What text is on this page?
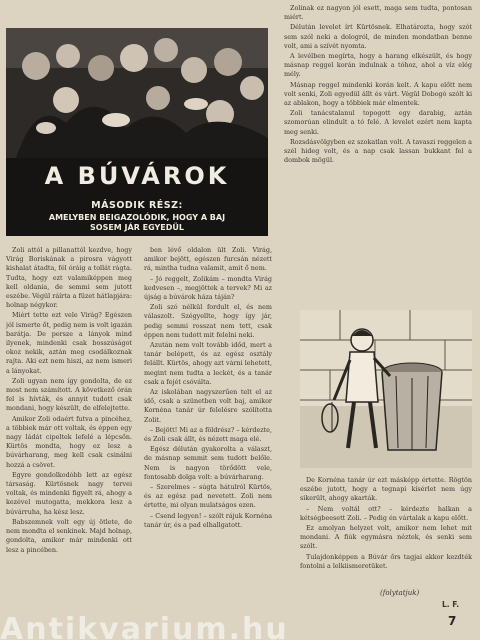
A BÚVÁROK
MÁSODIK RÉSZ:
AMELYBEN BEIGAZOLÓDIK, HOGY A BAJ
SOSEM JÁR EGYEDÜL

Zoli attól a pillanattól kezdve, hogy Virág Boriskának a pirosra vágyott kishalat átadta, fél óráig a tollát rágta. Tudta, hogy ezt valamiképpen meg kell oldania, de semmi sem jutott eszébe. Végül ráírta a füzet hátlapjára: holnap négykor.

Miért tette ezt vele Virág? Egészen jól ismerte őt, pedig nem is volt igazán barátja. De persze a lányok mind ilyenek, mindenki csak bosszúságot okoz nekik, aztán meg csodálkoznak rajta. Aki ezt nem hiszi, az nem ismeri a lányokat.

Zoli ugyan nem így gondolta, de ez most nem számított. A következő órán fel is hívták, és annyit tudott csak mondani, hogy készült, de elfelejtette.

Amikor Zoli odaért futva a pincéhez, a többiek már ott voltak, és éppen egy nagy ládát cipeltek lefelé a lépcsőn. Kürtös mondta, hogy ez lesz a búvárharang, meg kell csak csinálni hozzá a csövet.

Egyre gondolkodóbb lett az egész társaság. Kürtösnek nagy tervei voltak, és mindenki figyelt rá, ahogy a kezével mutogatta, mekkora lesz a búvárruha, ha kész lesz.

Babszemnek volt egy új ötlete, de nem mondta el senkinek. Majd holnap, gondolta, amikor már mindenki ott lesz a pincében.

ben lévő oldalon ült Zoli. Virág, amikor bejött, egészen furcsán nézett rá, mintha tudna valamit, amit ő nem.

– Jó reggelt, Zolikám – mondta Virág kedvesen –, megjöttek a tervek? Mi az újság a búvárok háza táján?

Zoli szó nélkül fordult el, és nem válaszolt. Szégyellte, hogy így jár, pedig semmi rosszat nem tett, csak éppen nem tudott mit felelni neki.

Azután nem volt tovább időd, mert a tanár belépett, és az egész osztály felállt. Kürtös, ahogy azt várni lehetett, megint nem tudta a leckét, és a tanár csak a fejét csóválta.

Az iskolában nagyszerűen telt el az idő, csak a szünetben volt baj, amikor Kornéna tanár úr felelésre szólította Zolit.

– Bejött! Mi az a földrész? – kérdezte, és Zoli csak állt, és nézett maga elé.

Egész délután gyakorolta a választ, de másnap semmit sem tudott belőle. Nem is nagyon törődött vele, fontosabb dolga volt: a búvárharang.

– Szerelmes – súgta hátulról Kürtös, és az egész pad nevetett. Zoli nem értette, mi olyan mulatságos ezen.

– Csend legyen! – szólt rájuk Kornéna tanár úr, és a pad elhallgatott.

Zolinak ez nagyon jól esett, maga sem tudta, pontosan miért.

Délután levelet írt Kürtösnek. Elhatározta, hogy szót sem szól neki a dologról, de minden mondatban benne volt, ami a szívét nyomta.

A levélben megírta, hogy a harang elkészült, és hogy másnap reggel korán indulnak a tóhoz, ahol a víz elég mély.

Másnap reggel mindenki korán kelt. A kapu előtt nem volt senki, Zoli egyedül állt és várt. Végül Dobogó szólt ki az ablakon, hogy a többiek már elmentek.

Zoli tanácstalanul topogott egy darabig, aztán szomorúan elindult a tó felé. A levelet ezért nem kapta meg senki.

Rozsdásvölgyben ez szokatlan volt. A tavaszi reggelen a szél hideg volt, és a nap csak lassan bukkant fel a dombok mögül.

De Kornéna tanár úr ezt másképp értette. Rögtön eszébe jutott, hogy a tegnapi kísérlet nem úgy sikerült, ahogy akarták.

– Nem voltál ott? – kérdezte halkan a kétségbeesett Zoli. – Pedig én vártalak a kapu előtt.

Ez amolyan helyzet volt, amikor nem lehet mit mondani. A fiúk egymásra néztek, és senki sem szólt.

Tulajdonképpen a Búvár őrs tagjai akkor kezdték fontolni a lelkiismeretüket.

(folytatjuk)
L. F.
7
Antikvarium.hu
